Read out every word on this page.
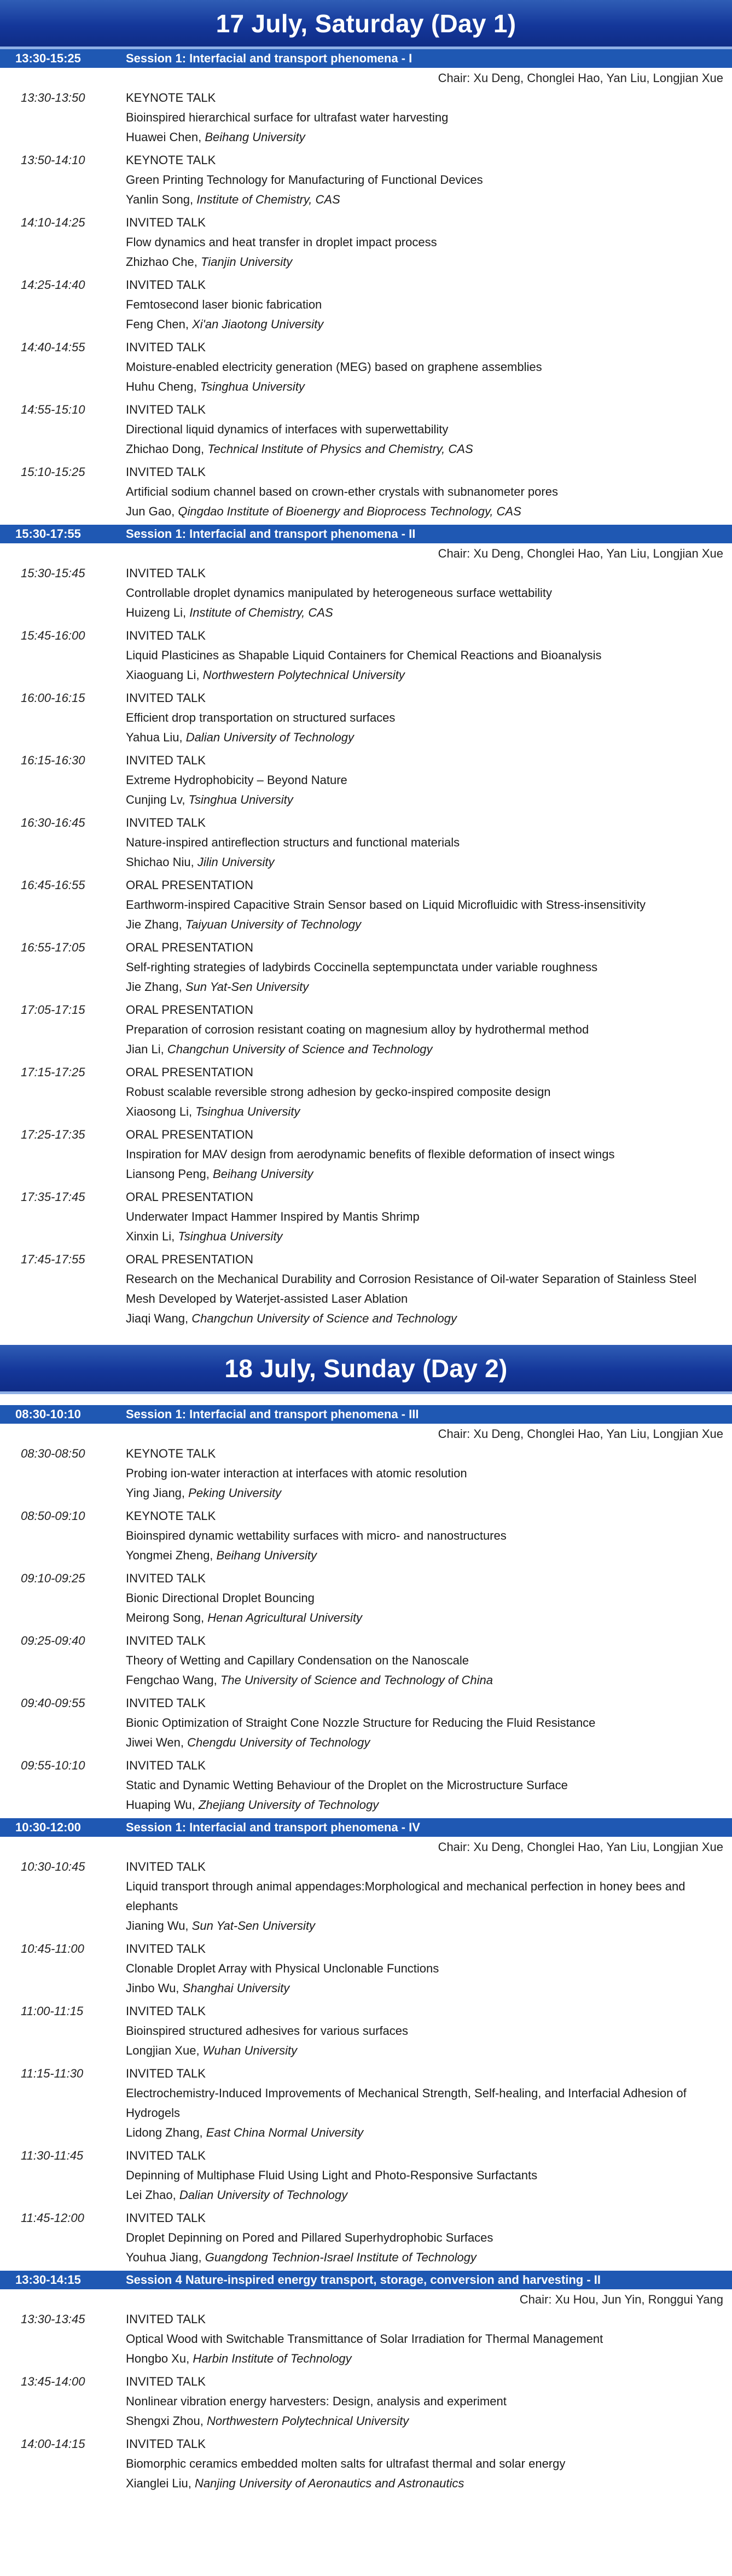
17 July, Saturday (Day 1)
13:30-15:25	Session 1: Interfacial and transport phenomena - I
Chair: Xu Deng, Chonglei Hao, Yan Liu, Longjian Xue
13:30-13:50	KEYNOTE TALK
Bioinspired hierarchical surface for ultrafast water harvesting
Huawei Chen, Beihang University
13:50-14:10	KEYNOTE TALK
Green Printing Technology for Manufacturing of Functional Devices
Yanlin Song, Institute of Chemistry, CAS
14:10-14:25	INVITED TALK
Flow dynamics and heat transfer in droplet impact process
Zhizhao Che, Tianjin University
14:25-14:40	INVITED TALK
Femtosecond laser bionic fabrication
Feng Chen, Xi'an Jiaotong University
14:40-14:55	INVITED TALK
Moisture-enabled electricity generation (MEG) based on graphene assemblies
Huhu Cheng, Tsinghua University
14:55-15:10	INVITED TALK
Directional liquid dynamics of interfaces with superwettability
Zhichao Dong, Technical Institute of Physics and Chemistry, CAS
15:10-15:25	INVITED TALK
Artificial sodium channel based on crown-ether crystals with subnanometer pores
Jun Gao, Qingdao Institute of Bioenergy and Bioprocess Technology, CAS
15:30-17:55	Session 1: Interfacial and transport phenomena - II
Chair: Xu Deng, Chonglei Hao, Yan Liu, Longjian Xue
15:30-15:45	INVITED TALK
Controllable droplet dynamics manipulated by heterogeneous surface wettability
Huizeng Li, Institute of Chemistry, CAS
15:45-16:00	INVITED TALK
Liquid Plasticines as Shapable Liquid Containers for Chemical Reactions and Bioanalysis
Xiaoguang Li, Northwestern Polytechnical University
16:00-16:15	INVITED TALK
Efficient drop transportation on structured surfaces
Yahua Liu, Dalian University of Technology
16:15-16:30	INVITED TALK
Extreme Hydrophobicity – Beyond Nature
Cunjing Lv, Tsinghua University
16:30-16:45	INVITED TALK
Nature-inspired antireflection structurs and functional materials
Shichao Niu, Jilin University
16:45-16:55	ORAL PRESENTATION
Earthworm-inspired Capacitive Strain Sensor based on Liquid Microfluidic with Stress-insensitivity
Jie Zhang, Taiyuan University of Technology
16:55-17:05	ORAL PRESENTATION
Self-righting strategies of ladybirds Coccinella septempunctata under variable roughness
Jie Zhang, Sun Yat-Sen University
17:05-17:15	ORAL PRESENTATION
Preparation of corrosion resistant coating on magnesium alloy by hydrothermal method
Jian Li, Changchun University of Science and Technology
17:15-17:25	ORAL PRESENTATION
Robust scalable reversible strong adhesion by gecko-inspired composite design
Xiaosong Li, Tsinghua University
17:25-17:35	ORAL PRESENTATION
Inspiration for MAV design from aerodynamic benefits of flexible deformation of insect wings
Liansong Peng, Beihang University
17:35-17:45	ORAL PRESENTATION
Underwater Impact Hammer Inspired by Mantis Shrimp
Xinxin Li, Tsinghua University
17:45-17:55	ORAL PRESENTATION
Research on the Mechanical Durability and Corrosion Resistance of Oil-water Separation of Stainless Steel Mesh Developed by Waterjet-assisted Laser Ablation
Jiaqi Wang, Changchun University of Science and Technology
18 July, Sunday (Day 2)
08:30-10:10	Session 1: Interfacial and transport phenomena - III
Chair: Xu Deng, Chonglei Hao, Yan Liu, Longjian Xue
08:30-08:50	KEYNOTE TALK
Probing ion-water interaction at interfaces with atomic resolution
Ying Jiang, Peking University
08:50-09:10	KEYNOTE TALK
Bioinspired dynamic wettability surfaces with micro- and nanostructures
Yongmei Zheng, Beihang University
09:10-09:25	INVITED TALK
Bionic Directional Droplet Bouncing
Meirong Song, Henan Agricultural University
09:25-09:40	INVITED TALK
Theory of Wetting and Capillary Condensation on the Nanoscale
Fengchao Wang, The University of Science and Technology of China
09:40-09:55	INVITED TALK
Bionic Optimization of Straight Cone Nozzle Structure for Reducing the Fluid Resistance
Jiwei Wen, Chengdu University of Technology
09:55-10:10	INVITED TALK
Static and Dynamic Wetting Behaviour of the Droplet on the Microstructure Surface
Huaping Wu, Zhejiang University of Technology
10:30-12:00	Session 1: Interfacial and transport phenomena - IV
Chair: Xu Deng, Chonglei Hao, Yan Liu, Longjian Xue
10:30-10:45	INVITED TALK
Liquid transport through animal appendages:Morphological and mechanical perfection in honey bees and elephants
Jianing Wu, Sun Yat-Sen University
10:45-11:00	INVITED TALK
Clonable Droplet Array with Physical Unclonable Functions
Jinbo Wu, Shanghai University
11:00-11:15	INVITED TALK
Bioinspired structured adhesives for various surfaces
Longjian Xue, Wuhan University
11:15-11:30	INVITED TALK
Electrochemistry-Induced Improvements of Mechanical Strength, Self-healing, and Interfacial Adhesion of Hydrogels
Lidong Zhang, East China Normal University
11:30-11:45	INVITED TALK
Depinning of Multiphase Fluid Using Light and Photo-Responsive Surfactants
Lei Zhao, Dalian University of Technology
11:45-12:00	INVITED TALK
Droplet Depinning on Pored and Pillared Superhydrophobic Surfaces
Youhua Jiang, Guangdong Technion-Israel Institute of Technology
13:30-14:15	Session 4 Nature-inspired energy transport, storage, conversion and harvesting - II
Chair: Xu Hou, Jun Yin, Ronggui Yang
13:30-13:45	INVITED TALK
Optical Wood with Switchable Transmittance of Solar Irradiation for Thermal Management
Hongbo Xu, Harbin Institute of Technology
13:45-14:00	INVITED TALK
Nonlinear vibration energy harvesters: Design, analysis and experiment
Shengxi Zhou, Northwestern Polytechnical University
14:00-14:15	INVITED TALK
Biomorphic ceramics embedded molten salts for ultrafast thermal and solar energy
Xianglei Liu, Nanjing University of Aeronautics and Astronautics
